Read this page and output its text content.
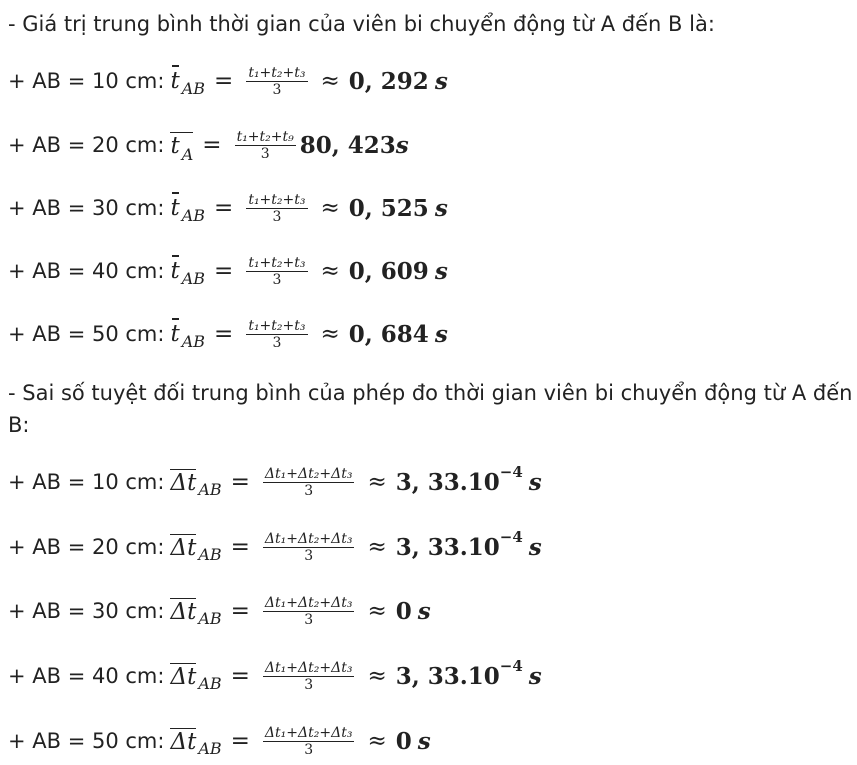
- Giá trị trung bình thời gian của viên bi chuyển động từ A đến B là:
+ AB = 10 cm: t AB = $\frac{\text{t₁+t₂+t₃}}{3} \approx 0$, 292 s
+ AB = 20 cm: t $_A = \frac{\text{t₁+t₂+t₉}}{3} 80$, 423 s
+ AB = 30 cm: t AB = $\frac{\text{t₁+t₂+t₃}}{3} \approx 0$, 525 s
+ AB = 40 cm: t AB = $\frac{\text{t₁+t₂+t₃}}{3} \approx 0$, 609 s
+ AB = 50 cm: t AB = $\frac{\text{t₁+t₂+t₃}}{3} \approx 0$, 684 s
- Sai số tuyệt đối trung bình của phép đo thời gian viên bi chuyển động từ A đến B:
+ AB = 10 cm: Δt AB = $\frac{\text{Δt₁+Δt₂+Δt₃}}{3} \approx 3$, 33.10 −4 s
+ AB = 20 cm: Δt AB = $\frac{\text{Δt₁+Δt₂+Δt₃}}{3} \approx 3$, 33.10 −4 s
+ AB = 30 cm: Δt AB = $\frac{\text{Δt₁+Δt₂+Δt₃}}{3} \approx 0$ s
+ AB = 40 cm: Δt AB = $\frac{\text{Δt₁+Δt₂+Δt₃}}{3} \approx 3$, 33.10 −4 s
+ AB = 50 cm: Δt AB = $\frac{\text{Δt₁+Δt₂+Δt₃}}{3} \approx 0$ s
